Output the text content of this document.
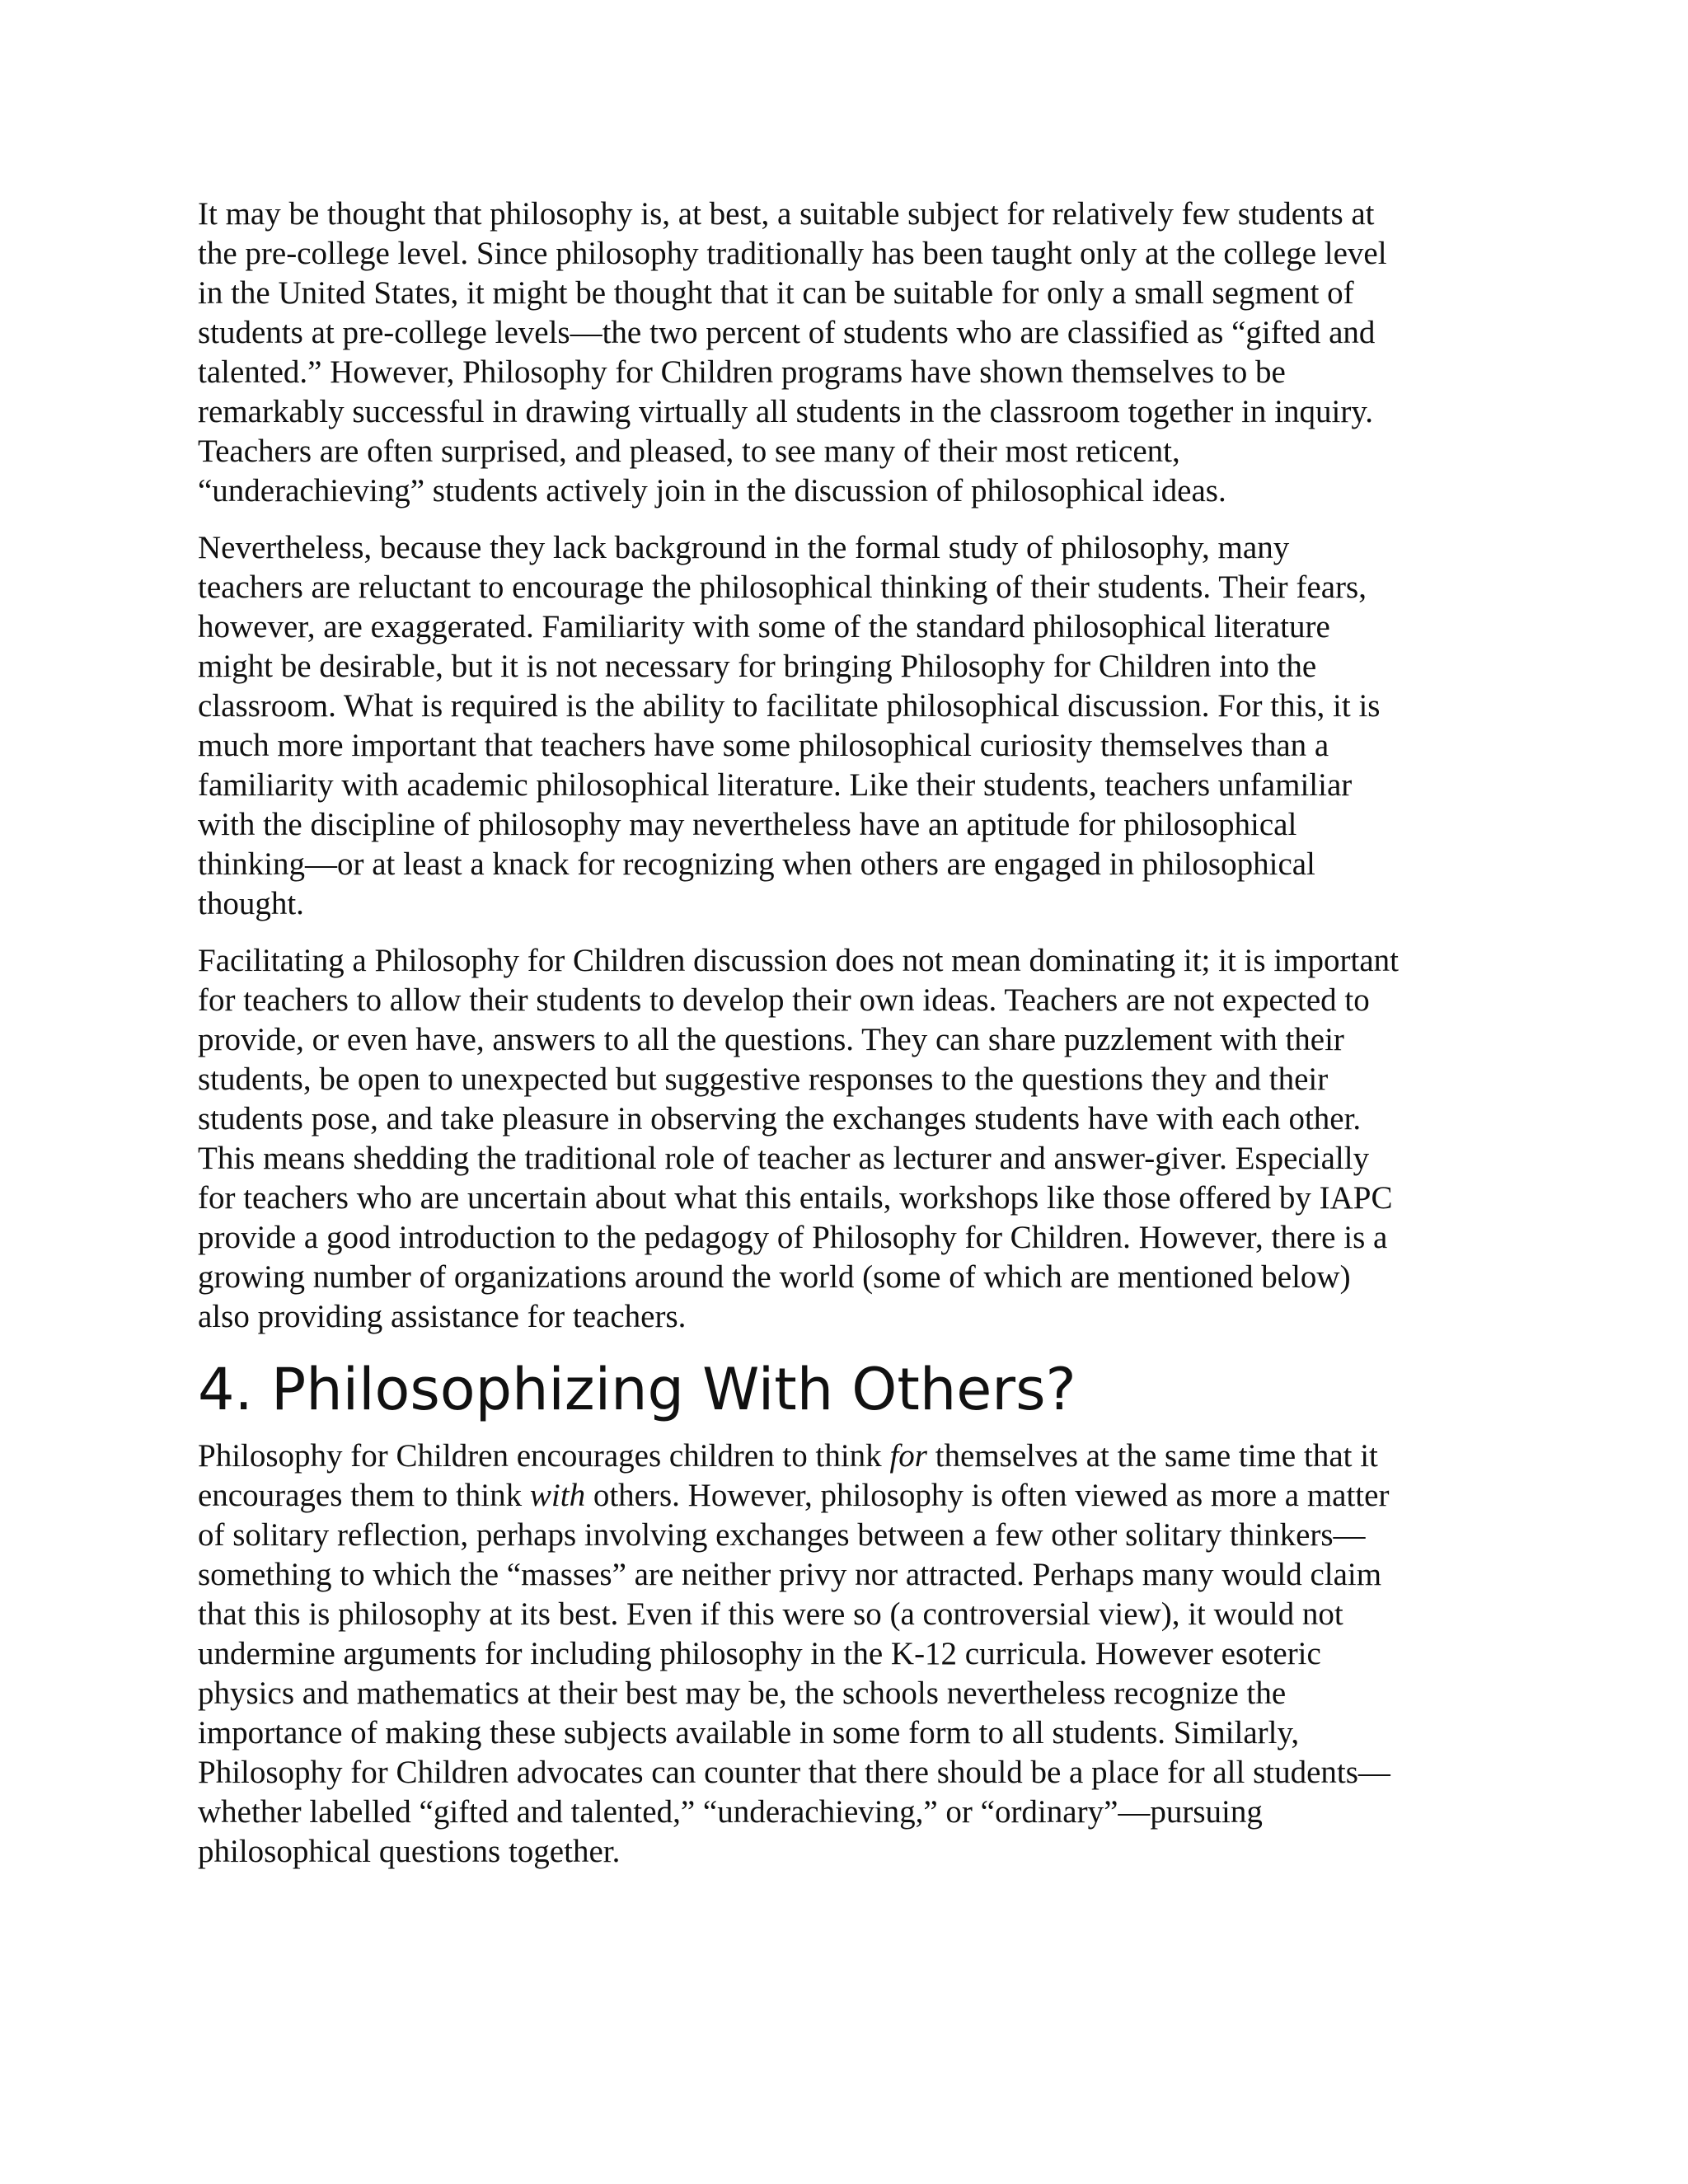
It may be thought that philosophy is, at best, a suitable subject for relatively few students at
the pre-college level. Since philosophy traditionally has been taught only at the college level
in the United States, it might be thought that it can be suitable for only a small segment of
students at pre-college levels—the two percent of students who are classified as “gifted and
talented.” However, Philosophy for Children programs have shown themselves to be
remarkably successful in drawing virtually all students in the classroom together in inquiry.
Teachers are often surprised, and pleased, to see many of their most reticent,
“underachieving” students actively join in the discussion of philosophical ideas.

Nevertheless, because they lack background in the formal study of philosophy, many
teachers are reluctant to encourage the philosophical thinking of their students. Their fears,
however, are exaggerated. Familiarity with some of the standard philosophical literature
might be desirable, but it is not necessary for bringing Philosophy for Children into the
classroom. What is required is the ability to facilitate philosophical discussion. For this, it is
much more important that teachers have some philosophical curiosity themselves than a
familiarity with academic philosophical literature. Like their students, teachers unfamiliar
with the discipline of philosophy may nevertheless have an aptitude for philosophical
thinking—or at least a knack for recognizing when others are engaged in philosophical
thought.

Facilitating a Philosophy for Children discussion does not mean dominating it; it is important
for teachers to allow their students to develop their own ideas. Teachers are not expected to
provide, or even have, answers to all the questions. They can share puzzlement with their
students, be open to unexpected but suggestive responses to the questions they and their
students pose, and take pleasure in observing the exchanges students have with each other.
This means shedding the traditional role of teacher as lecturer and answer-giver. Especially
for teachers who are uncertain about what this entails, workshops like those offered by IAPC
provide a good introduction to the pedagogy of Philosophy for Children. However, there is a
growing number of organizations around the world (some of which are mentioned below)
also providing assistance for teachers.

4. Philosophizing With Others?

Philosophy for Children encourages children to think for themselves at the same time that it
encourages them to think with others. However, philosophy is often viewed as more a matter
of solitary reflection, perhaps involving exchanges between a few other solitary thinkers—
something to which the “masses” are neither privy nor attracted. Perhaps many would claim
that this is philosophy at its best. Even if this were so (a controversial view), it would not
undermine arguments for including philosophy in the K-12 curricula. However esoteric
physics and mathematics at their best may be, the schools nevertheless recognize the
importance of making these subjects available in some form to all students. Similarly,
Philosophy for Children advocates can counter that there should be a place for all students—
whether labelled “gifted and talented,” “underachieving,” or “ordinary”—pursuing
philosophical questions together.
